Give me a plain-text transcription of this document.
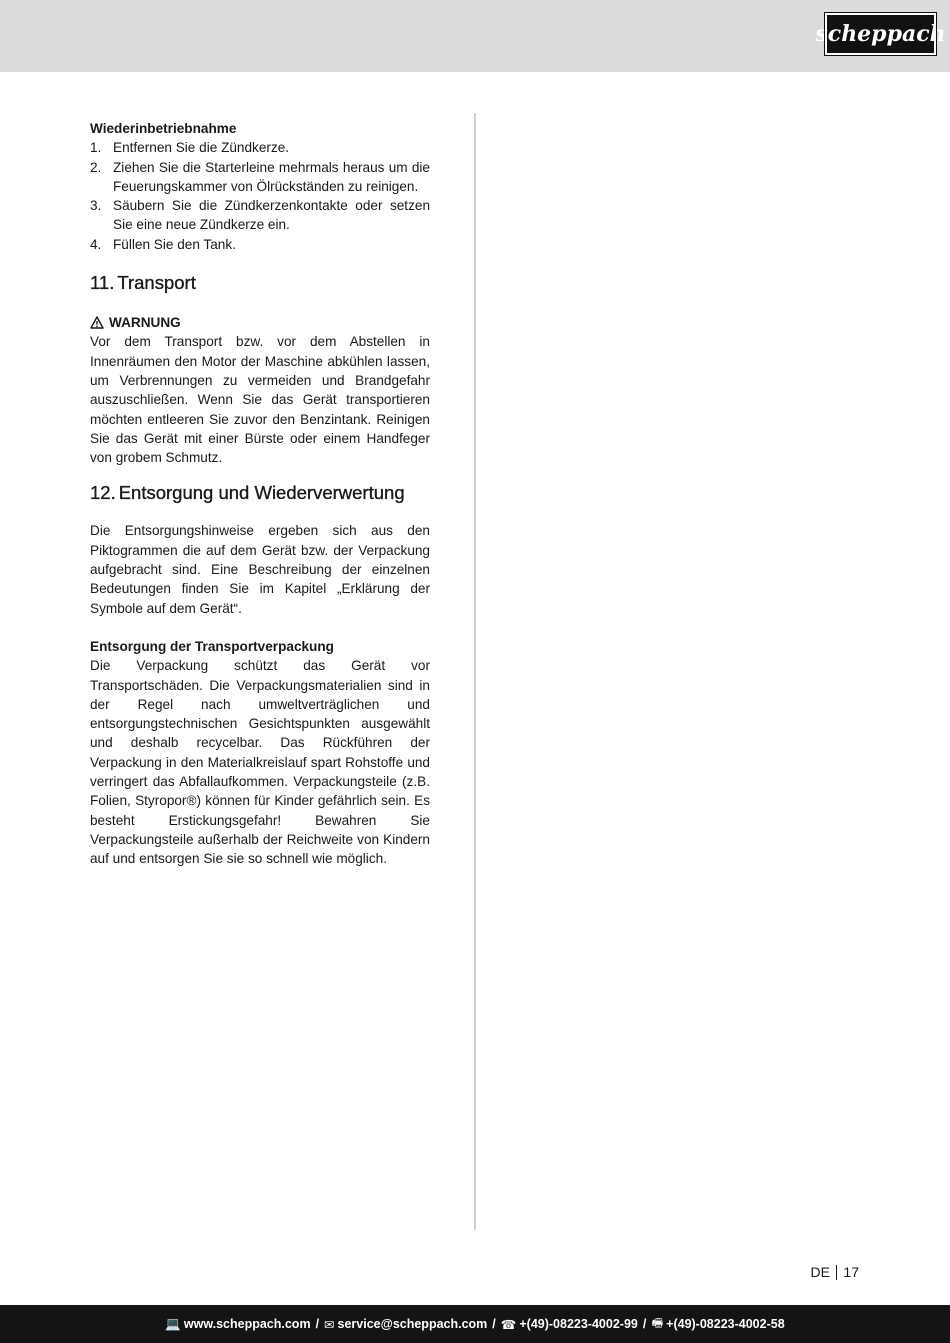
scheppach

Wiederinbetriebnahme

1. Entfernen Sie die Zündkerze.
2. Ziehen Sie die Starterleine mehrmals heraus um die Feuerungskammer von Ölrückständen zu reinigen.
3. Säubern Sie die Zündkerzenkontakte oder setzen Sie eine neue Zündkerze ein.
4. Füllen Sie den Tank.
11. Transport
WARNUNG

Vor dem Transport bzw. vor dem Abstellen in Innenräumen den Motor der Maschine abkühlen lassen, um Verbrennungen zu vermeiden und Brandgefahr auszuschließen. Wenn Sie das Gerät transportieren möchten entleeren Sie zuvor den Benzintank. Reinigen Sie das Gerät mit einer Bürste oder einem Handfeger von grobem Schmutz.

12. Entsorgung und Wiederverwertung

Die Entsorgungshinweise ergeben sich aus den Piktogrammen die auf dem Gerät bzw. der Verpackung aufgebracht sind. Eine Beschreibung der einzelnen Bedeutungen finden Sie im Kapitel „Erklärung der Symbole auf dem Gerät“.

Entsorgung der Transportverpackung

Die Verpackung schützt das Gerät vor Transportschäden. Die Verpackungsmaterialien sind in der Regel nach umweltverträglichen und entsorgungstechnischen Gesichtspunkten ausgewählt und deshalb recycelbar. Das Rückführen der Verpackung in den Materialkreislauf spart Rohstoffe und verringert das Abfallaufkommen. Verpackungsteile (z.B. Folien, Styropor®) können für Kinder gefährlich sein. Es besteht Erstickungsgefahr! Bewahren Sie Verpackungsteile außerhalb der Reichweite von Kindern auf und entsorgen Sie sie so schnell wie möglich.

DE 17
💻 www.scheppach.com / ✉ service@scheppach.com / ☎ +(49)-08223-4002-99 / 🖷 +(49)-08223-4002-58
